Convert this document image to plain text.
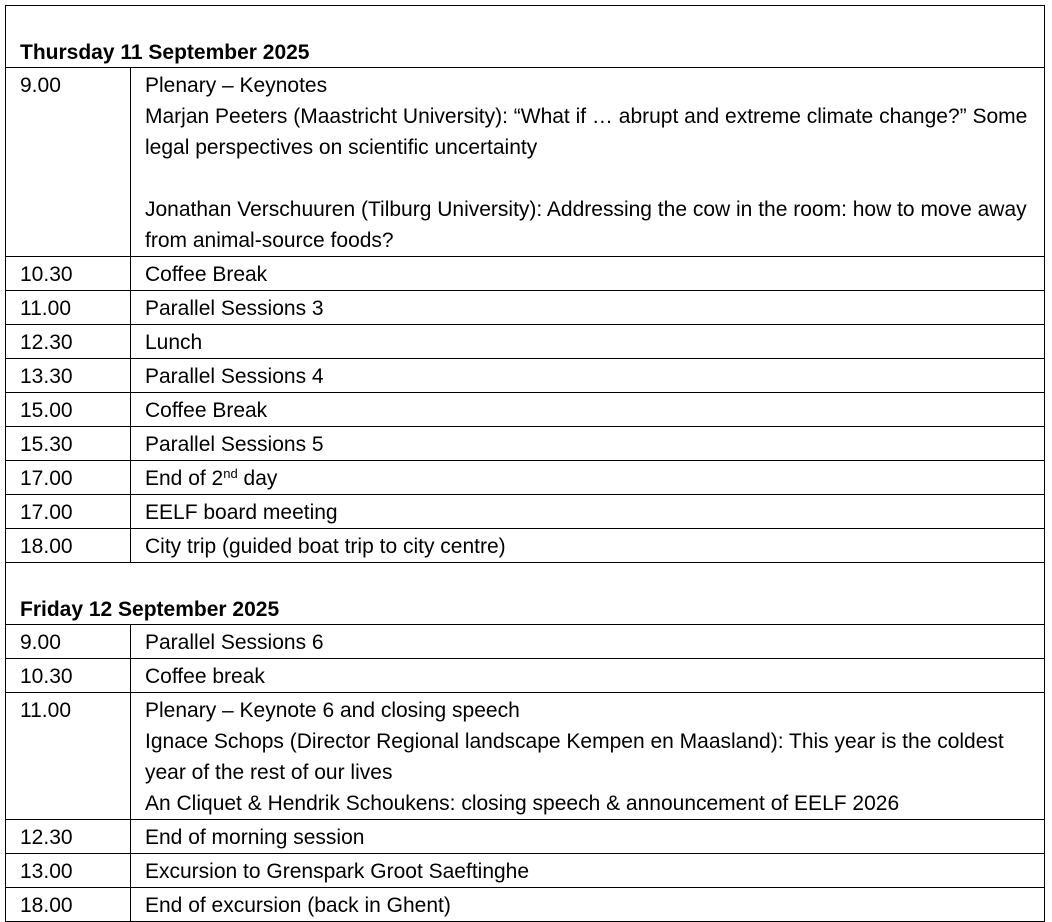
Thursday 11 September 2025
9.00	Plenary – Keynotes

Marjan Peeters (Maastricht University): “What if … abrupt and extreme climate change?” Some legal perspectives on scientific uncertainty

Jonathan Verschuuren (Tilburg University): Addressing the cow in the room: how to move away from animal-source foods?

10.30	Coffee Break
11.00	Parallel Sessions 3
12.30	Lunch
13.30	Parallel Sessions 4
15.00	Coffee Break
15.30	Parallel Sessions 5
17.00	End of 2nd day
17.00	EELF board meeting
18.00	City trip (guided boat trip to city centre)
Friday 12 September 2025
9.00	Parallel Sessions 6
10.30	Coffee break
11.00	Plenary – Keynote 6 and closing speech

Ignace Schops (Director Regional landscape Kempen en Maasland): This year is the coldest year of the rest of our lives

An Cliquet & Hendrik Schoukens: closing speech & announcement of EELF 2026

12.30	End of morning session
13.00	Excursion to Grenspark Groot Saeftinghe
18.00	End of excursion (back in Ghent)
